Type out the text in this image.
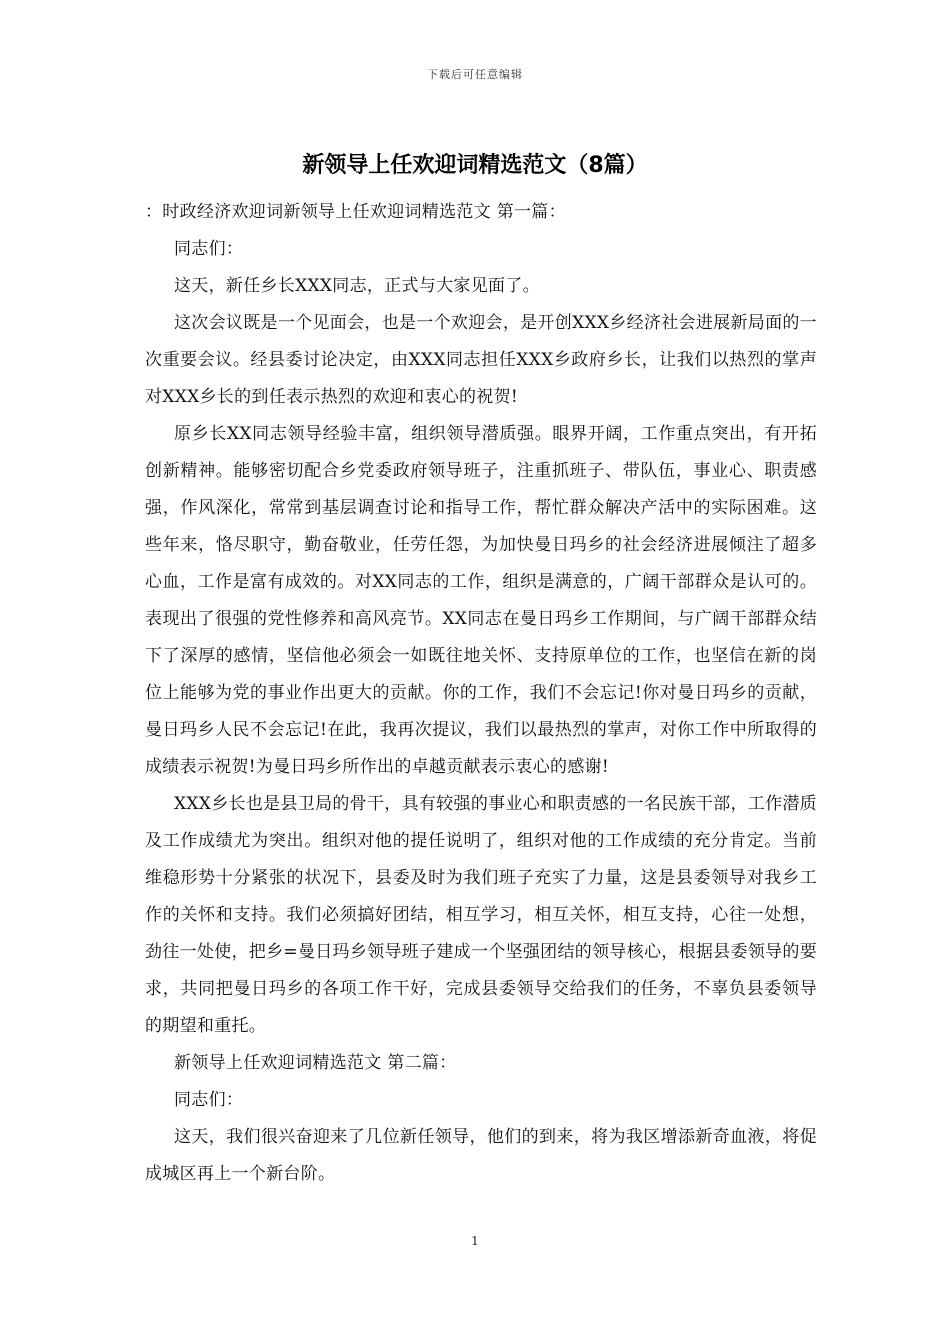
下载后可任意编辑
新领导上任欢迎词精选范文（8篇）

：时政经济欢迎词新领导上任欢迎词精选范文 第一篇：

同志们：

这天，新任乡长XXX同志，正式与大家见面了。

这次会议既是一个见面会，也是一个欢迎会，是开创XXX乡经济社会进展新局面的一次重要会议。经县委讨论决定，由XXX同志担任XXX乡政府乡长，让我们以热烈的掌声对XXX乡长的到任表示热烈的欢迎和衷心的祝贺!

原乡长XX同志领导经验丰富，组织领导潜质强。眼界开阔，工作重点突出，有开拓创新精神。能够密切配合乡党委政府领导班子，注重抓班子、带队伍，事业心、职责感强，作风深化，常常到基层调查讨论和指导工作，帮忙群众解决产活中的实际困难。这些年来，恪尽职守，勤奋敬业，任劳任怨，为加快曼日玛乡的社会经济进展倾注了超多心血，工作是富有成效的。对XX同志的工作，组织是满意的，广阔干部群众是认可的。表现出了很强的党性修养和高风亮节。XX同志在曼日玛乡工作期间，与广阔干部群众结下了深厚的感情，坚信他必须会一如既往地关怀、支持原单位的工作，也坚信在新的岗位上能够为党的事业作出更大的贡献。你的工作，我们不会忘记!你对曼日玛乡的贡献，曼日玛乡人民不会忘记!在此，我再次提议，我们以最热烈的掌声，对你工作中所取得的成绩表示祝贺!为曼日玛乡所作出的卓越贡献表示衷心的感谢!

XXX乡长也是县卫局的骨干，具有较强的事业心和职责感的一名民族干部，工作潜质及工作成绩尤为突出。组织对他的提任说明了，组织对他的工作成绩的充分肯定。当前维稳形势十分紧张的状况下，县委及时为我们班子充实了力量，这是县委领导对我乡工作的关怀和支持。我们必须搞好团结，相互学习，相互关怀，相互支持，心往一处想，劲往一处使，把乡=曼日玛乡领导班子建成一个坚强团结的领导核心，根据县委领导的要求，共同把曼日玛乡的各项工作干好，完成县委领导交给我们的任务，不辜负县委领导的期望和重托。

新领导上任欢迎词精选范文 第二篇：

同志们：

这天，我们很兴奋迎来了几位新任领导，他们的到来，将为我区增添新奇血液，将促成城区再上一个新台阶。

1
